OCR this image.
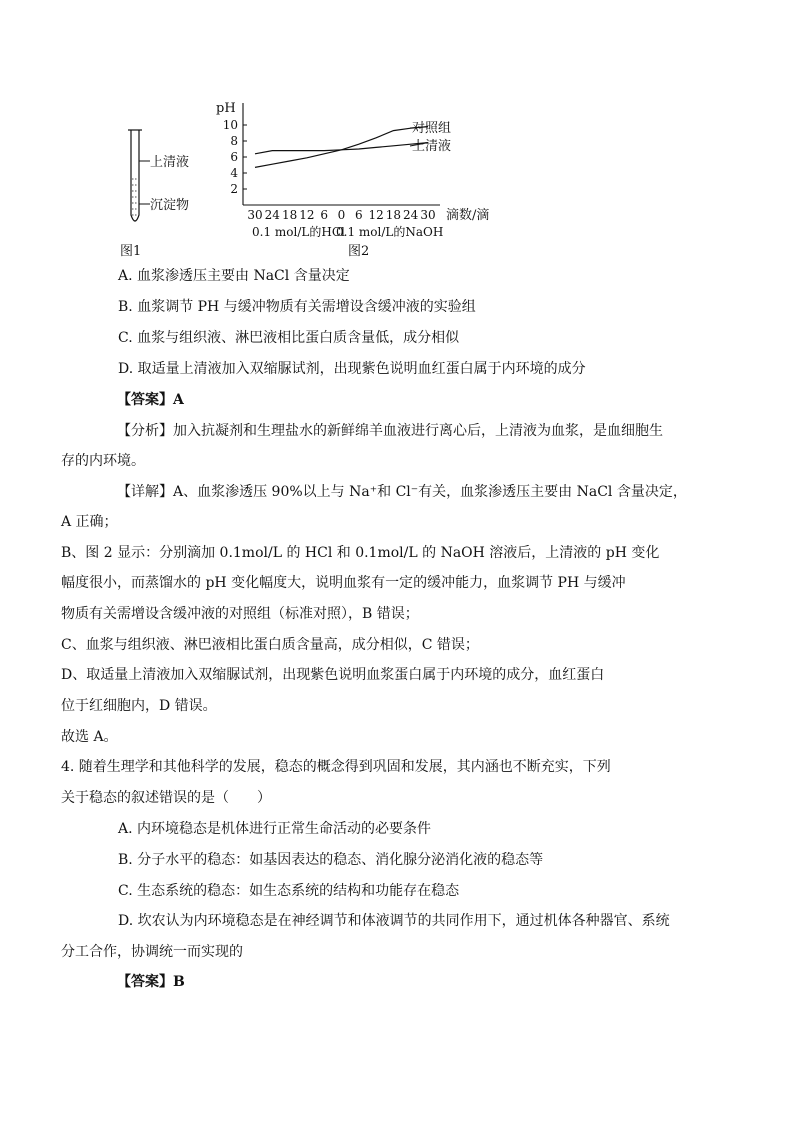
上清液
沉淀物
图1
pH
10
8
6
4
2
30 24 18 12 6 0 6 12 18 24 30 滴数/滴
0.1 mol/L的HCl
0.1 mol/L的NaOH
图2
对照组
上清液
A. 血浆渗透压主要由 NaCl 含量决定
B. 血浆调节 PH 与缓冲物质有关需增设含缓冲液的实验组
C. 血浆与组织液、淋巴液相比蛋白质含量低，成分相似
D. 取适量上清液加入双缩脲试剂，出现紫色说明血红蛋白属于内环境的成分
【答案】A
【分析】加入抗凝剂和生理盐水的新鲜绵羊血液进行离心后，上清液为血浆，是血细胞生
存的内环境。
【详解】A、血浆渗透压 90%以上与 Na⁺和 Cl⁻有关，血浆渗透压主要由 NaCl 含量决定，
A 正确；
B、图 2 显示：分别滴加 0.1mol/L 的 HCl 和 0.1mol/L 的 NaOH 溶液后，上清液的 pH 变化
幅度很小，而蒸馏水的 pH 变化幅度大，说明血浆有一定的缓冲能力，血浆调节 PH 与缓冲
物质有关需增设含缓冲液的对照组（标准对照），B 错误；
C、血浆与组织液、淋巴液相比蛋白质含量高，成分相似，C 错误；
D、取适量上清液加入双缩脲试剂，出现紫色说明血浆蛋白属于内环境的成分，血红蛋白
位于红细胞内，D 错误。
故选 A。
4. 随着生理学和其他科学的发展，稳态的概念得到巩固和发展，其内涵也不断充实，下列
关于稳态的叙述错误的是（　　）
A. 内环境稳态是机体进行正常生命活动的必要条件
B. 分子水平的稳态：如基因表达的稳态、消化腺分泌消化液的稳态等
C. 生态系统的稳态：如生态系统的结构和功能存在稳态
D. 坎农认为内环境稳态是在神经调节和体液调节的共同作用下，通过机体各种器官、系统
分工合作，协调统一而实现的
【答案】B
